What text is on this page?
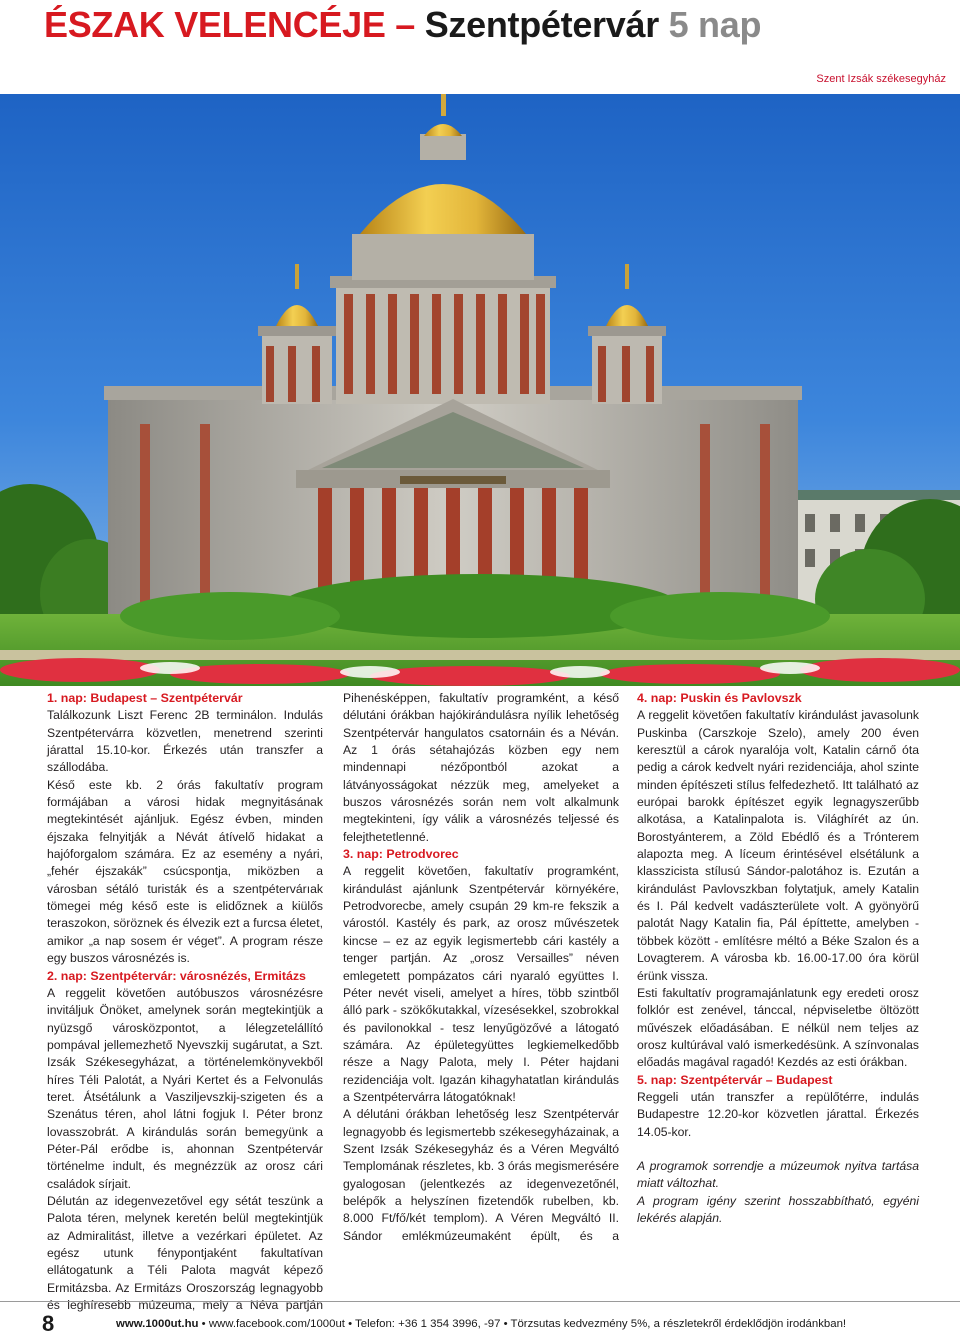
ÉSZAK VELENCÉJE – Szentpétervár 5 nap
Szent Izsák székesegyház
1. nap: Budapest – Szentpétervár

Találkozunk Liszt Ferenc 2B terminálon. Indulás Szentpétervárra közvetlen, menetrend szerinti járattal 15.10-kor. Érkezés után transzfer a szállodába.

Késő este kb. 2 órás fakultatív program formájában a városi hidak megnyitásának megtekintését ajánljuk. Egész évben, minden éjszaka felnyitják a Névát átívelő hidakat a hajóforgalom számára. Ez az esemény a nyári, „fehér éjszakák” csúcspontja, miközben a városban sétáló turisták és a szentpétervárıak tömegei még késő este is elidőznek a kiülős teraszokon, söröznek és élvezik ezt a furcsa életet, amikor „a nap sosem ér véget”. A program része egy buszos városnézés is.

2. nap: Szentpétervár: városnézés, Ermitázs

A reggelit követően autóbuszos városnézésre invitáljuk Önöket, amelynek során megtekintjük a nyüzsgő városközpontot, a lélegzetelállító pompával jellemezhető Nyevszkij sugárutat, a Szt. Izsák Székesegyházat, a történelemkönyvekből híres Téli Palotát, a Nyári Kertet és a Felvonulás teret. Átsétálunk a Vasziljevszkij-szigeten és a Szenátus téren, ahol látni fogjuk I. Péter bronz lovasszobrát. A kirándulás során bemegyünk a Péter-Pál erődbe is, ahonnan Szentpétervár történelme indult, és megnézzük az orosz cári családok sírjait.

Délután az idegenvezetővel egy sétát teszünk a Palota téren, melynek keretén belül megtekintjük az Admiralitást, illetve a vezérkari épületet. Az egész utunk fénypontjaként fakultatívan ellátogatunk a Téli Palota magvát képező Ermitázsba. Az Ermitázs Oroszország legnagyobb és leghíresebb múzeuma, mely a Néva partján

Pihenésképpen, fakultatív programként, a késő délutáni órákban hajókirándulásra nyílik lehetőség Szentpétervár hangulatos csatornáin és a Néván. Az 1 órás sétahajózás közben egy nem mindennapi nézőpontból azokat a látványosságokat nézzük meg, amelyeket a buszos városnézés során nem volt alkalmunk megtekinteni, így válik a városnézés teljessé és felejthetetlenné.

3. nap: Petrodvorec

A reggelit követően, fakultatív programként, kirándulást ajánlunk Szentpétervár környékére, Petrodvorecbe, amely csupán 29 km-re fekszik a várostól. Kastély és park, az orosz művészetek kincse – ez az egyik legismertebb cári kastély a tenger partján. Az „orosz Versailles” néven emlegetett pompázatos cári nyaraló együttes I. Péter nevét viseli, amelyet a híres, több szintből álló park - szökőkutakkal, vízesésekkel, szobrokkal és pavilonokkal - tesz lenyűgözővé a látogató számára. Az épületegyüttes legkiemelkedőbb része a Nagy Palota, mely I. Péter hajdani rezidenciája volt. Igazán kihagyhatatlan kirándulás a Szentpétervárra látogatóknak!

A délutáni órákban lehetőség lesz Szentpétervár legnagyobb és legismertebb székesegyházainak, a Szent Izsák Székesegyház és a Véren Megváltó Templomának részletes, kb. 3 órás megismerésére gyalogosan (jelentkezés az idegenvezetőnél, belépők a helyszínen fizetendők rubelben, kb. 8.000 Ft/fő/két templom). A Véren Megváltó II. Sándor emlékmúzeumaként épült, és a

4. nap: Puskin és Pavlovszk

A reggelit követően fakultatív kirándulást javasolunk Puskinba (Carszkoje Szelo), amely 200 éven keresztül a cárok nyaralója volt, Katalin cárnő óta pedig a cárok kedvelt nyári rezidenciája, ahol szinte minden építészeti stílus felfedezhető. Itt található az európai barokk építészet egyik legnagyszerűbb alkotása, a Katalinpalota is. Világhírét az ún. Borostyánterem, a Zöld Ebédlő és a Trónterem alapozta meg. A líceum érintésével elsétálunk a klasszicista stílusú Sándor-palotához is. Ezután a kirándulást Pavlovszkban folytatjuk, amely Katalin és I. Pál kedvelt vadászterülete volt. A gyönyörű palotát Nagy Katalin fia, Pál építtette, amelyben - többek között - említésre méltó a Béke Szalon és a Lovagterem. A városba kb. 16.00-17.00 óra körül érünk vissza.

Esti fakultatív programajánlatunk egy eredeti orosz folklór est zenével, tánccal, népviseletbe öltözött művészek előadásában. E nélkül nem teljes az orosz kultúrával való ismerkedésünk. A színvonalas előadás magával ragadó! Kezdés az esti órákban.

5. nap: Szentpétervár – Budapest

Reggeli után transzfer a repülőtérre, indulás Budapestre 12.20-kor közvetlen járattal. Érkezés 14.05-kor.

A programok sorrendje a múzeumok nyitva tartása miatt változhat.

A program igény szerint hosszabbítható, egyéni lekérés alapján.

8	www.1000ut.hu • www.facebook.com/1000ut • Telefon: +36 1 354 3996, -97 • Törzsutas kedvezmény 5%, a részletekről érdeklődjön irodánkban!
